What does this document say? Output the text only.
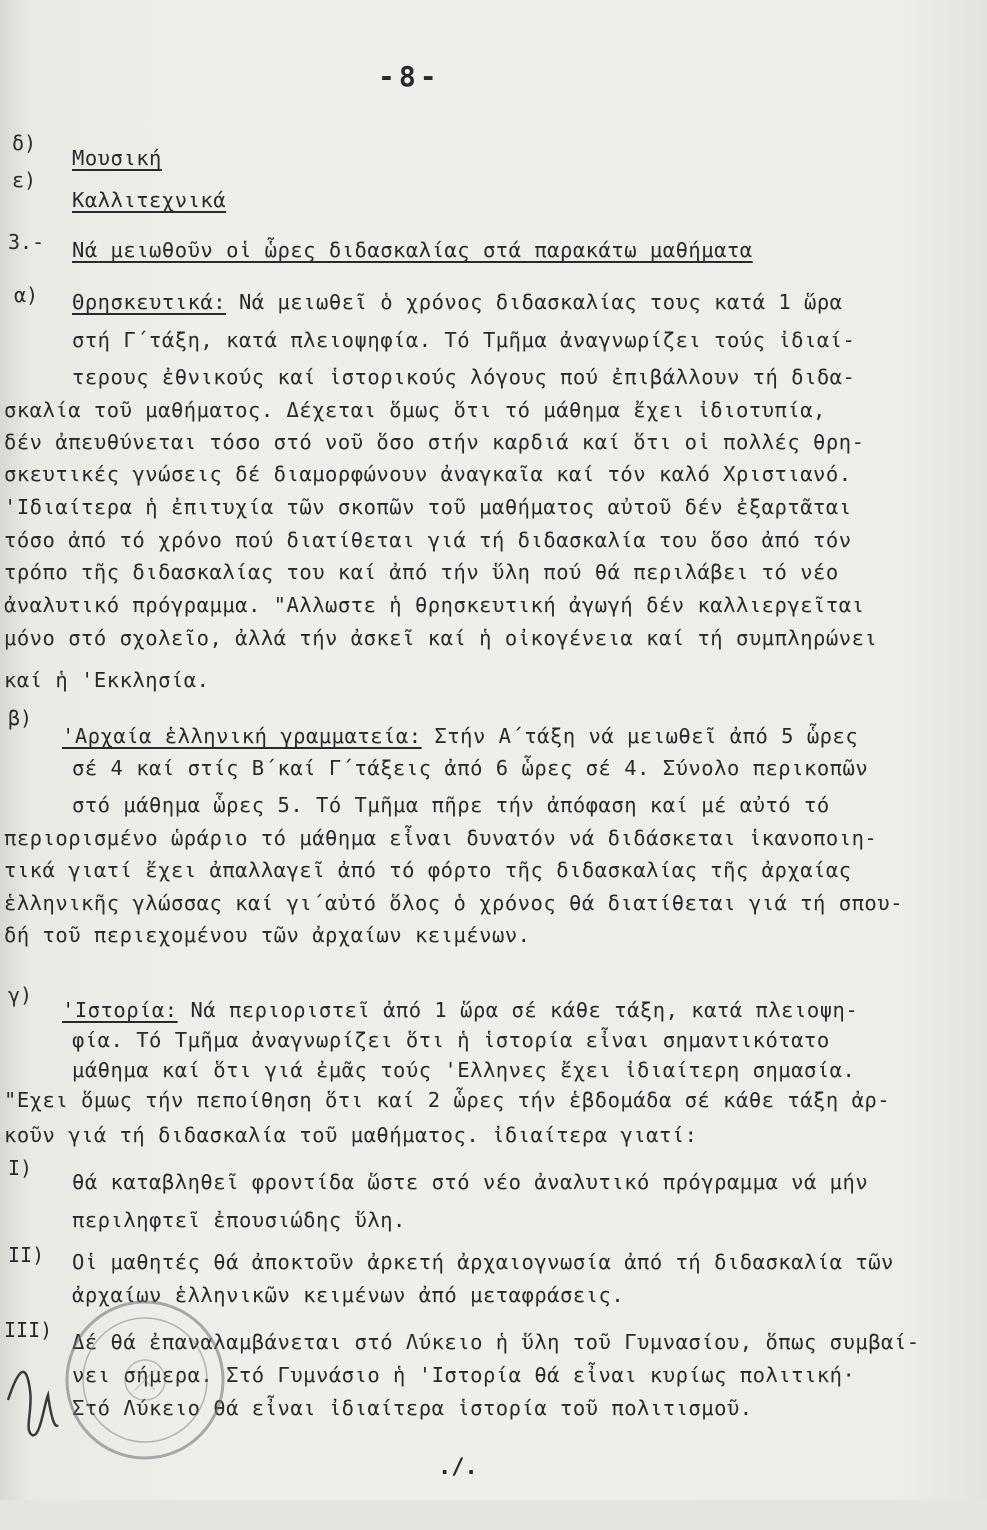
-8-
δ)
Μουσική
ε)
Καλλιτεχνικά
3.- Νά μειωθοῦν οἱ ὧρες διδασκαλίας στά παρακάτω μαθήματα
α) Θρησκευτικά: Νά μειωθεῖ ὁ χρόνος διδασκαλίας τους κατά 1 ὥρα
στή Γ΄τάξη, κατά πλειοψηφία. Τό Τμῆμα ἀναγνωρίζει τούς ἰδιαί-
τερους ἐθνικούς καί ἱστορικούς λόγους πού ἐπιβάλλουν τή διδα-
σκαλία τοῦ μαθήματος. Δέχεται ὅμως ὅτι τό μάθημα ἔχει ἰδιοτυπία,
δέν ἀπευθύνεται τόσο στό νοῦ ὅσο στήν καρδιά καί ὅτι οἱ πολλές θρη-
σκευτικές γνώσεις δέ διαμορφώνουν ἀναγκαῖα καί τόν καλό Χριστιανό.
'Ιδιαίτερα ἡ ἐπιτυχία τῶν σκοπῶν τοῦ μαθήματος αὐτοῦ δέν ἐξαρτᾶται
τόσο ἀπό τό χρόνο πού διατίθεται γιά τή διδασκαλία του ὅσο ἀπό τόν
τρόπο τῆς διδασκαλίας του καί ἀπό τήν ὕλη πού θά περιλάβει τό νέο
ἀναλυτικό πρόγραμμα. "Αλλωστε ἡ θρησκευτική ἀγωγή δέν καλλιεργεῖται
μόνο στό σχολεῖο, ἀλλά τήν ἀσκεῖ καί ἡ οἰκογένεια καί τή συμπληρώνει
καί ἡ 'Εκκλησία.
β)
'Αρχαία ἑλληνική γραμματεία: Στήν Α΄τάξη νά μειωθεῖ ἀπό 5 ὧρες
σέ 4 καί στίς Β΄καί Γ΄τάξεις ἀπό 6 ὧρες σέ 4. Σύνολο περικοπῶν
στό μάθημα ὧρες 5. Τό Τμῆμα πῆρε τήν ἀπόφαση καί μέ αὐτό τό
περιορισμένο ὡράριο τό μάθημα εἶναι δυνατόν νά διδάσκεται ἱκανοποιη-
τικά γιατί ἔχει ἀπαλλαγεῖ ἀπό τό φόρτο τῆς διδασκαλίας τῆς ἀρχαίας
ἑλληνικῆς γλώσσας καί γι΄αὐτό ὅλος ὁ χρόνος θά διατίθεται γιά τή σπου-
δή τοῦ περιεχομένου τῶν ἀρχαίων κειμένων.
γ)
'Ιστορία: Νά περιοριστεῖ ἀπό 1 ὥρα σέ κάθε τάξη, κατά πλειοψη-
φία. Τό Τμῆμα ἀναγνωρίζει ὅτι ἡ ἱστορία εἶναι σημαντικότατο
μάθημα καί ὅτι γιά ἐμᾶς τούς 'Ελληνες ἔχει ἰδιαίτερη σημασία.
"Εχει ὅμως τήν πεποίθηση ὅτι καί 2 ὧρες τήν ἑβδομάδα σέ κάθε τάξη ἀρ-
κοῦν γιά τή διδασκαλία τοῦ μαθήματος. ἰδιαίτερα γιατί:
I)
θά καταβληθεῖ φροντίδα ὥστε στό νέο ἀναλυτικό πρόγραμμα νά μήν
περιληφτεῖ ἐπουσιώδης ὕλη.
II) Οἱ μαθητές θά ἀποκτοῦν ἀρκετή ἀρχαιογνωσία ἀπό τή διδασκαλία τῶν
ἀρχαίων ἑλληνικῶν κειμένων ἀπό μεταφράσεις.
III) Δέ θά ἐπαναλαμβάνεται στό Λύκειο ἡ ὕλη τοῦ Γυμνασίου, ὅπως συμβαί-
νει σήμερα. Στό Γυμνάσιο ἡ 'Ιστορία θά εἶναι κυρίως πολιτική·
Στό Λύκειο θά εἶναι ἰδιαίτερα ἱστορία τοῦ πολιτισμοῦ.
./.
